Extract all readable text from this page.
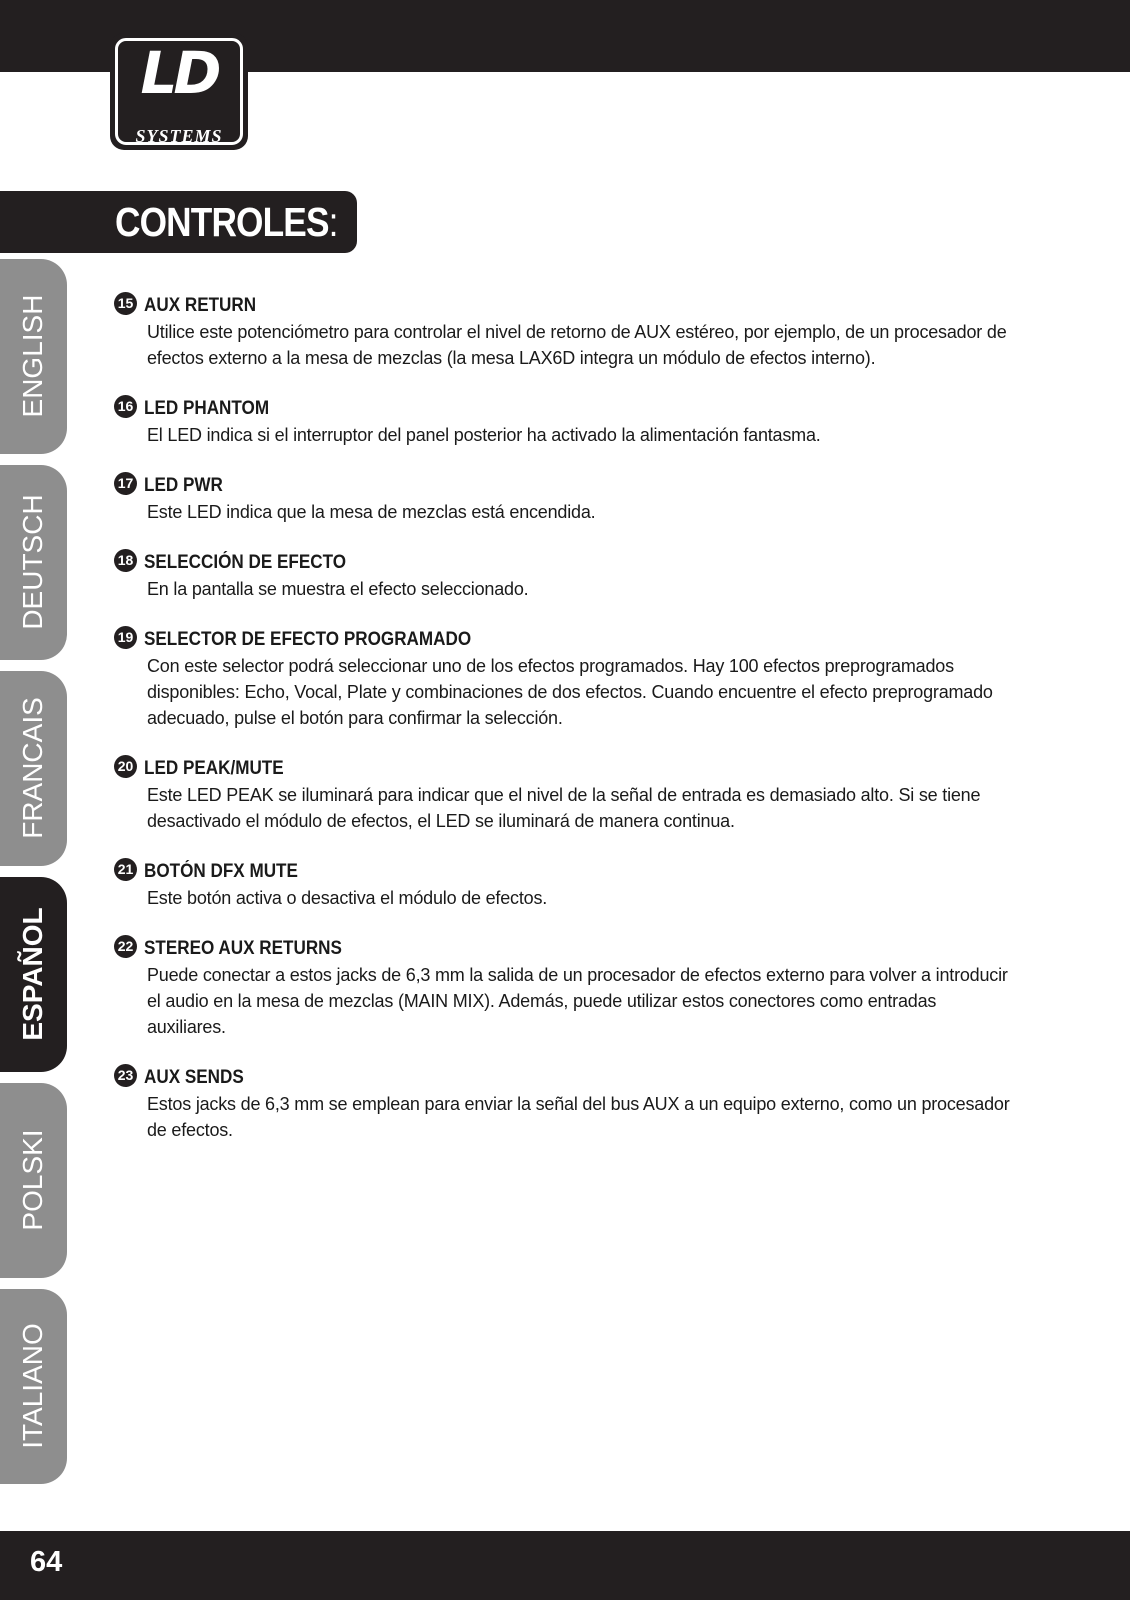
LD
SYSTEMS
CONTROLES:
ENGLISH
DEUTSCH
FRANCAIS
ESPAÑOL
POLSKI
ITALIANO
15 AUX RETURN
Utilice este potenciómetro para controlar el nivel de retorno de AUX estéreo, por ejemplo, de un procesador de efectos externo a la mesa de mezclas (la mesa LAX6D integra un módulo de efectos interno).
16 LED PHANTOM
El LED indica si el interruptor del panel posterior ha activado la alimentación fantasma.
17 LED PWR
Este LED indica que la mesa de mezclas está encendida.
18 SELECCIÓN DE EFECTO
En la pantalla se muestra el efecto seleccionado.
19 SELECTOR DE EFECTO PROGRAMADO
Con este selector podrá seleccionar uno de los efectos programados. Hay 100 efectos preprogramados disponibles: Echo, Vocal, Plate y combinaciones de dos efectos. Cuando encuentre el efecto preprogramado adecuado, pulse el botón para confirmar la selección.
20 LED PEAK/MUTE
Este LED PEAK se iluminará para indicar que el nivel de la señal de entrada es demasiado alto. Si se tiene desactivado el módulo de efectos, el LED se iluminará de manera continua.
21 BOTÓN DFX MUTE
Este botón activa o desactiva el módulo de efectos.
22 STEREO AUX RETURNS
Puede conectar a estos jacks de 6,3 mm la salida de un procesador de efectos externo para volver a introducir el audio en la mesa de mezclas (MAIN MIX). Además, puede utilizar estos conectores como entradas auxiliares.
23 AUX SENDS
Estos jacks de 6,3 mm se emplean para enviar la señal del bus AUX a un equipo externo, como un procesador de efectos.
64
